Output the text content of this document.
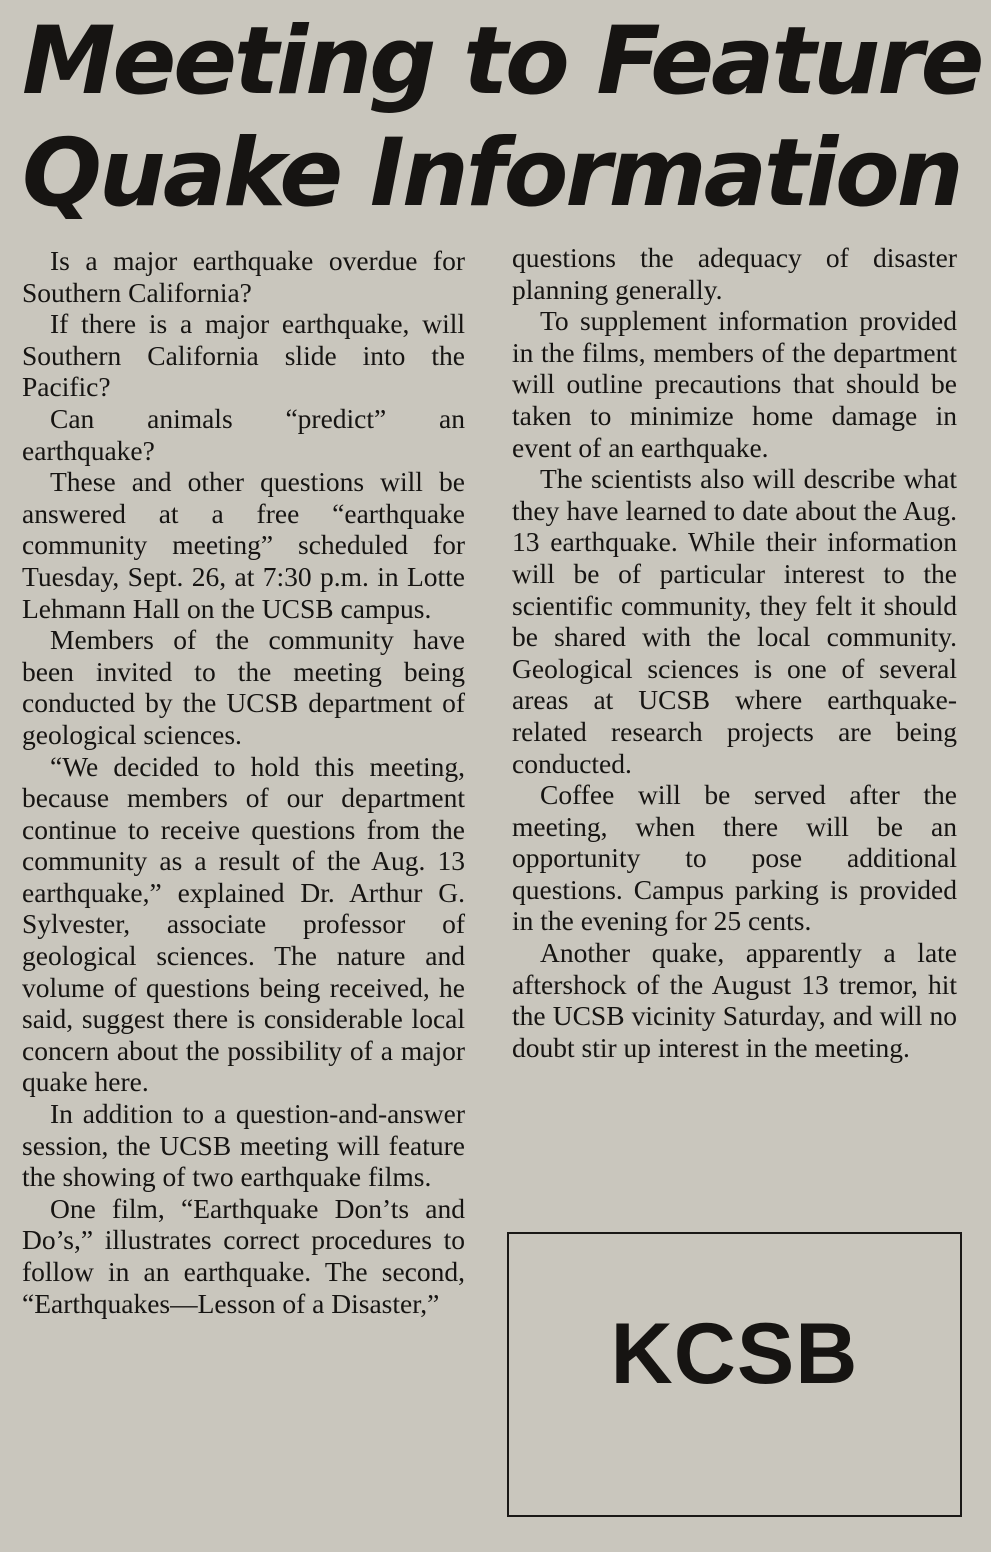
Meeting to Feature
Quake Information

Is a major earthquake overdue for Southern California?

If there is a major earthquake, will Southern California slide into the Pacific?

Can animals “predict” an earthquake?

These and other questions will be answered at a free “earthquake community meeting” scheduled for Tuesday, Sept. 26, at 7:30 p.m. in Lotte Lehmann Hall on the UCSB campus.

Members of the community have been invited to the meeting being conducted by the UCSB department of geological sciences.

“We decided to hold this meeting, because members of our department continue to receive questions from the community as a result of the Aug. 13 earthquake,” explained Dr. Arthur G. Sylvester, associate professor of geological sciences. The nature and volume of questions being received, he said, suggest there is considerable local concern about the possibility of a major quake here.

In addition to a question-and-answer session, the UCSB meeting will feature the showing of two earthquake films.

One film, “Earthquake Don’ts and Do’s,” illustrates correct procedures to follow in an earthquake. The second, “Earthquakes—Lesson of a Disaster,”

questions the adequacy of disaster planning generally.

To supplement information provided in the films, members of the department will outline precautions that should be taken to minimize home damage in event of an earthquake.

The scientists also will describe what they have learned to date about the Aug. 13 earthquake. While their information will be of particular interest to the scientific community, they felt it should be shared with the local community. Geological sciences is one of several areas at UCSB where earthquake-related research projects are being conducted.

Coffee will be served after the meeting, when there will be an opportunity to pose additional questions. Campus parking is provided in the evening for 25 cents.

Another quake, apparently a late aftershock of the August 13 tremor, hit the UCSB vicinity Saturday, and will no doubt stir up interest in the meeting.

KCSB
